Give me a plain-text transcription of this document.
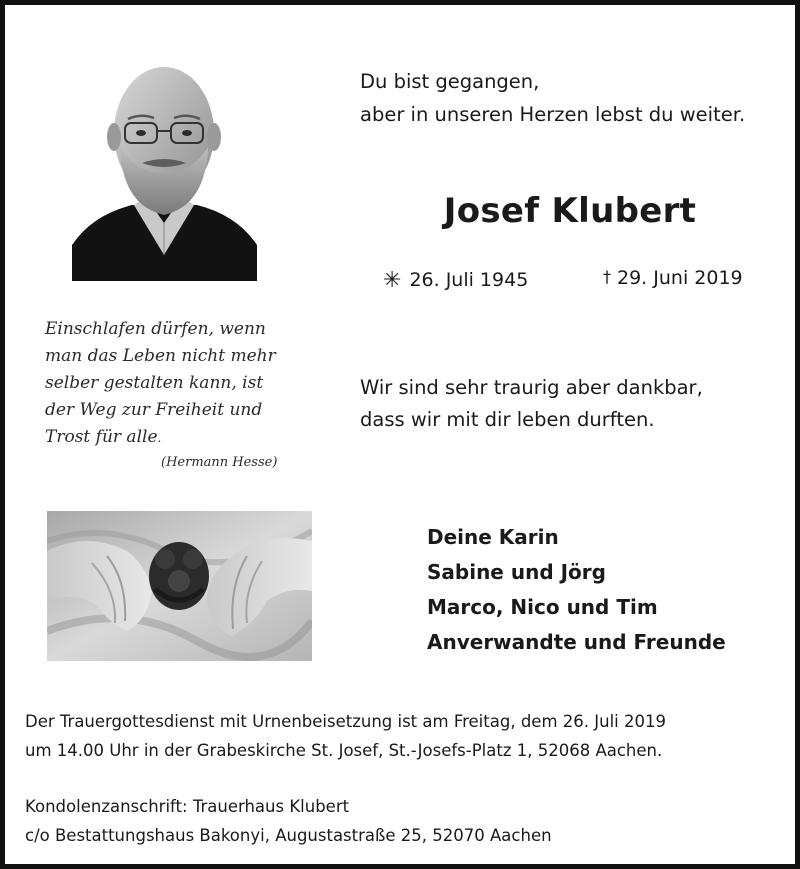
Du bist gegangen,
aber in unseren Herzen lebst du weiter.
Josef Klubert
✳ 26. Juli 1945	† 29. Juni 2019
Einschlafen dürfen, wenn
man das Leben nicht mehr
selber gestalten kann, ist
der Weg zur Freiheit und
Trost für alle.
(Hermann Hesse)
Wir sind sehr traurig aber dankbar,
dass wir mit dir leben durften.
Deine Karin
Sabine und Jörg
Marco, Nico und Tim
Anverwandte und Freunde
Der Trauergottesdienst mit Urnenbeisetzung ist am Freitag, dem 26. Juli 2019
um 14.00 Uhr in der Grabeskirche St. Josef, St.-Josefs-Platz 1, 52068 Aachen.
Kondolenzanschrift: Trauerhaus Klubert
c/o Bestattungshaus Bakonyi, Augustastraße 25, 52070 Aachen
